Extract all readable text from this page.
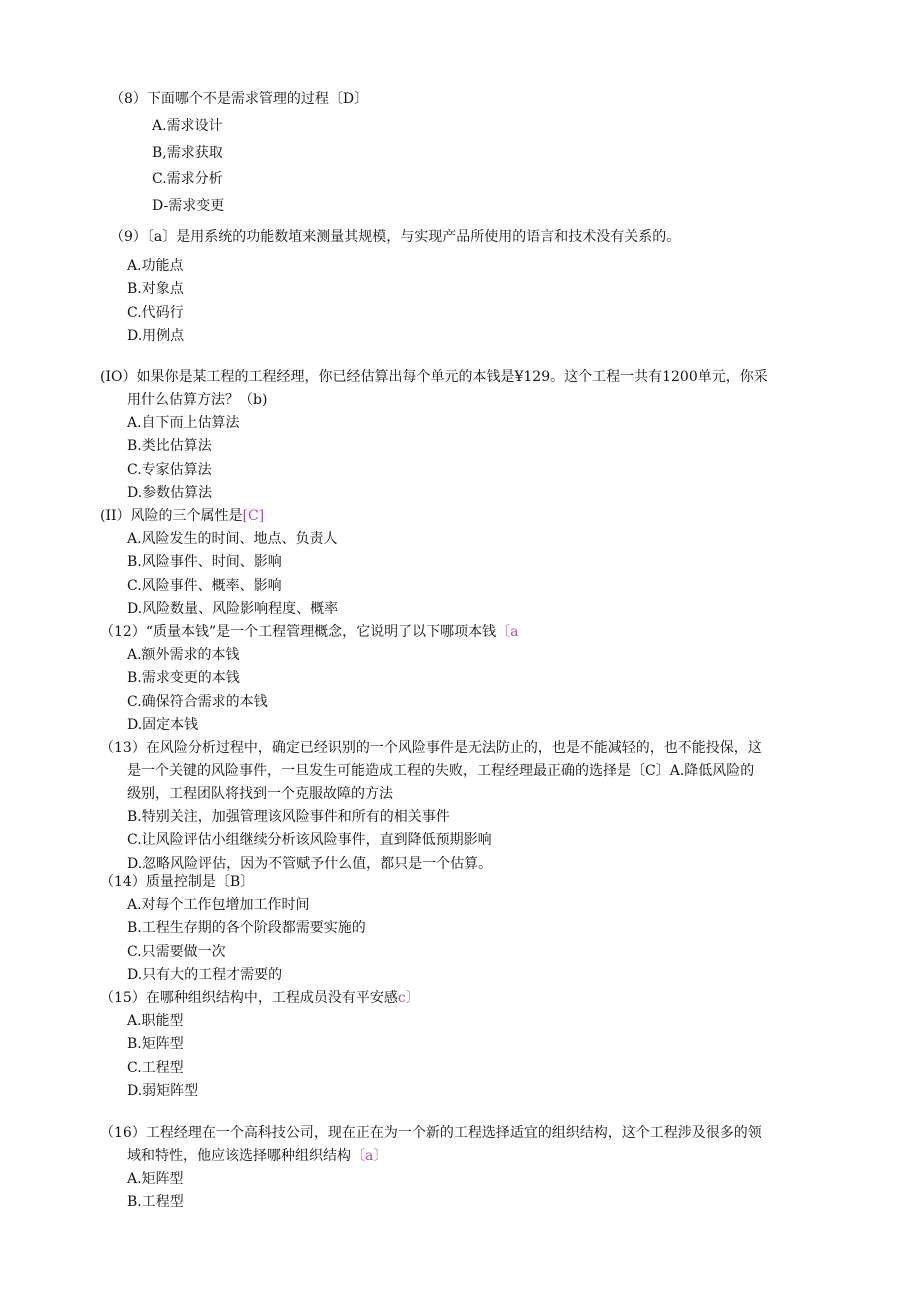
（8）下面哪个不是需求管理的过程〔D〕
A.需求设计
B,需求获取
C.需求分析
D-需求变更
（9）〔a〕是用系统的功能数埴来测量其规模，与实现产品所使用的语言和技术没有关系的。
A.功能点
B.对象点
C.代码行
D.用例点
(IO）如果你是某工程的工程经理，你已经估算出每个单元的本钱是¥129。这个工程一共有1200单元，你采
用什么估算方法？（b)
A.自下而上估算法
B.类比估算法
C.专家估算法
D.参数估算法
(II）风险的三个属性是[C]
A.风险发生的时间、地点、负责人
B.风险事件、时间、影响
C.风险事件、概率、影响
D.风险数量、风险影响程度、概率
（12）“质量本钱”是一个工程管理概念，它说明了以下哪项本钱〔a
A.额外需求的本钱
B.需求变更的本钱
C.确保符合需求的本钱
D.固定本钱
（13）在风险分析过程中，确定已经识别的一个风险事件是无法防止的，也是不能减轻的，也不能投保，这
是一个关键的风险事件，一旦发生可能造成工程的失败，工程经理最正确的选择是〔C〕A.降低风险的
级别，工程团队将找到一个克服故障的方法
B.特别关注，加强管理该风险事件和所有的相关事件
C.让风险评估小组继续分析该风险事件，直到降低预期影响
D.忽略风险评估，因为不管赋予什么值，都只是一个估算。
（14）质量控制是〔B〕
A.对每个工作包增加工作时间
B.工程生存期的各个阶段都需要实施的
C.只需要做一次
D.只有大的工程才需要的
（15）在哪种组织结构中，工程成员没有平安感c〕
A.职能型
B.矩阵型
C.工程型
D.弱矩阵型
（16）工程经理在一个高科技公司，现在正在为一个新的工程选择适宜的组织结构，这个工程涉及很多的领
域和特性，他应该选择哪种组织结构〔a〕
A.矩阵型
B.工程型
